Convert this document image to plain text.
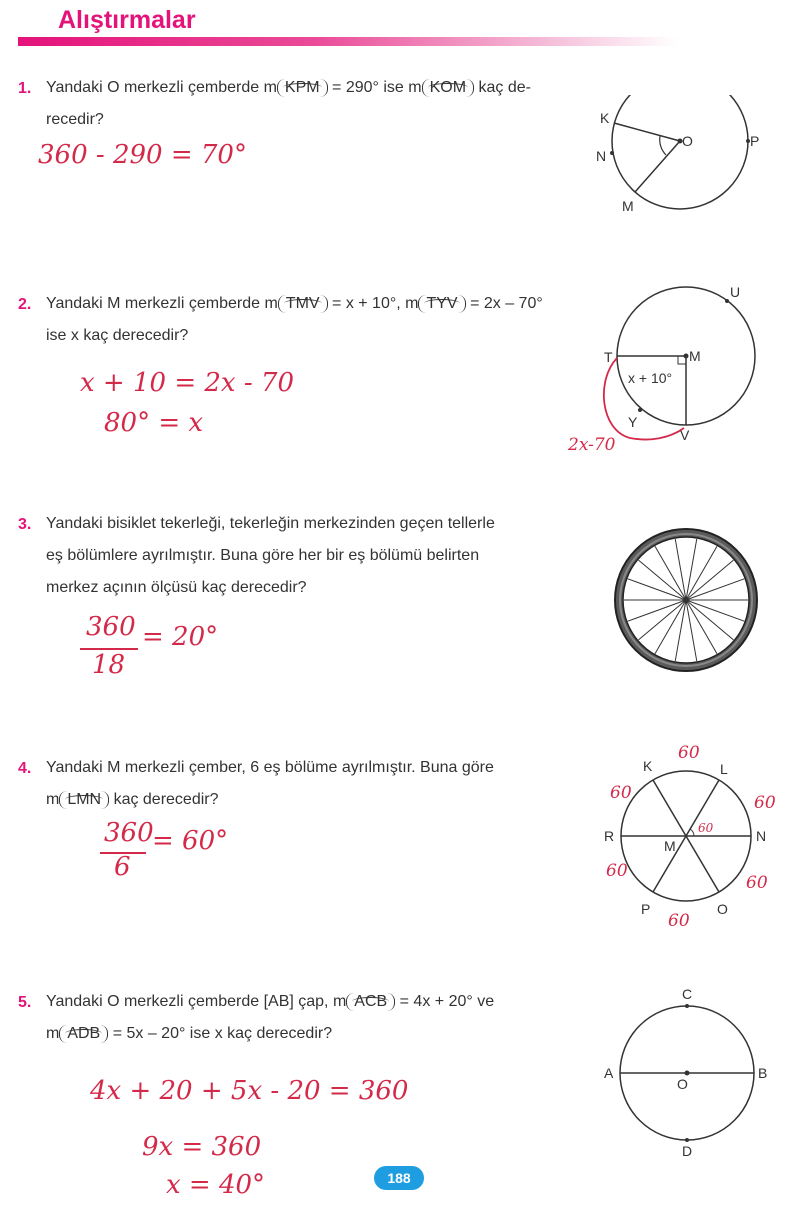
Alıştırmalar
1. Yandaki O merkezli çemberde m KPM = 290° ise m KOM kaç de-
recedir?
360 - 290 = 70°
K
O	P
N
M
2. Yandaki M merkezli çemberde m TMV = x + 10°, m TYV = 2x – 70°
ise x kaç derecedir?
x + 10 = 2x - 70
80° = x
U
T	M
x + 10°
Y
V
2x-70
3. Yandaki bisiklet tekerleği, tekerleğin merkezinden geçen tellerle
eş bölümlere ayrılmıştır. Buna göre her bir eş bölümü belirten
merkez açının ölçüsü kaç derecedir?
360
18
= 20°
4. Yandaki M merkezli çember, 6 eş bölüme ayrılmıştır. Buna göre
m LMN kaç derecedir?
360
6
= 60°
K	L
R	N
M
P	O
60
60	60
60
60
60
60
5. Yandaki O merkezli çemberde [AB] çap, m ACB = 4x + 20° ve
m ADB = 5x – 20° ise x kaç derecedir?
4x + 20 + 5x - 20 = 360
9x = 360
x = 40°
C
A
O
B
D
188
